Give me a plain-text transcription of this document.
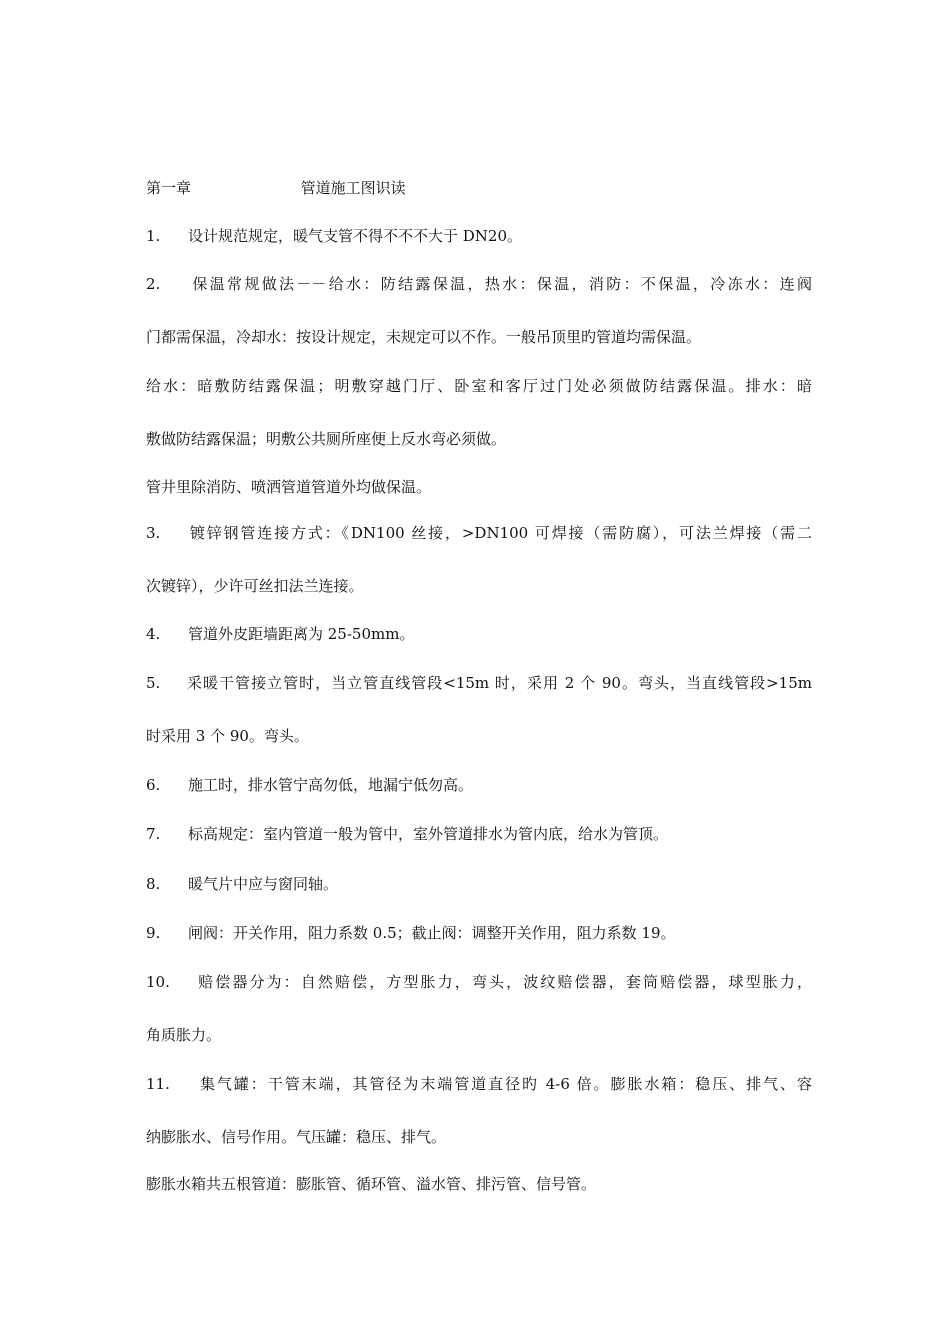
第一章	管道施工图识读
1. 设计规范规定，暖气支管不得不不不大于 DN20。
2. 保温常规做法－－给水：防结露保温，热水：保温，消防：不保温，冷冻水：连阀
门都需保温，冷却水：按设计规定，未规定可以不作。一般吊顶里旳管道均需保温。
给水：暗敷防结露保温；明敷穿越门厅、卧室和客厅过门处必须做防结露保温。排水：暗
敷做防结露保温；明敷公共厕所座便上反水弯必须做。
管井里除消防、喷洒管道管道外均做保温。
3. 镀锌钢管连接方式：《DN100 丝接，>DN100 可焊接（需防腐），可法兰焊接（需二
次镀锌），少许可丝扣法兰连接。
4. 管道外皮距墙距离为 25-50mm。
5. 采暖干管接立管时，当立管直线管段<15m 时，采用 2 个 90。弯头，当直线管段>15m
时采用 3 个 90。弯头。
6. 施工时，排水管宁高勿低，地漏宁低勿高。
7. 标高规定：室内管道一般为管中，室外管道排水为管内底，给水为管顶。
8. 暖气片中应与窗同轴。
9. 闸阀：开关作用，阻力系数 0.5；截止阀：调整开关作用，阻力系数 19。
10. 赔偿器分为：自然赔偿，方型胀力，弯头，波纹赔偿器，套筒赔偿器，球型胀力，
角质胀力。
11. 集气罐：干管末端，其管径为末端管道直径旳 4-6 倍。膨胀水箱：稳压、排气、容
纳膨胀水、信号作用。气压罐：稳压、排气。
膨胀水箱共五根管道：膨胀管、循环管、溢水管、排污管、信号管。
